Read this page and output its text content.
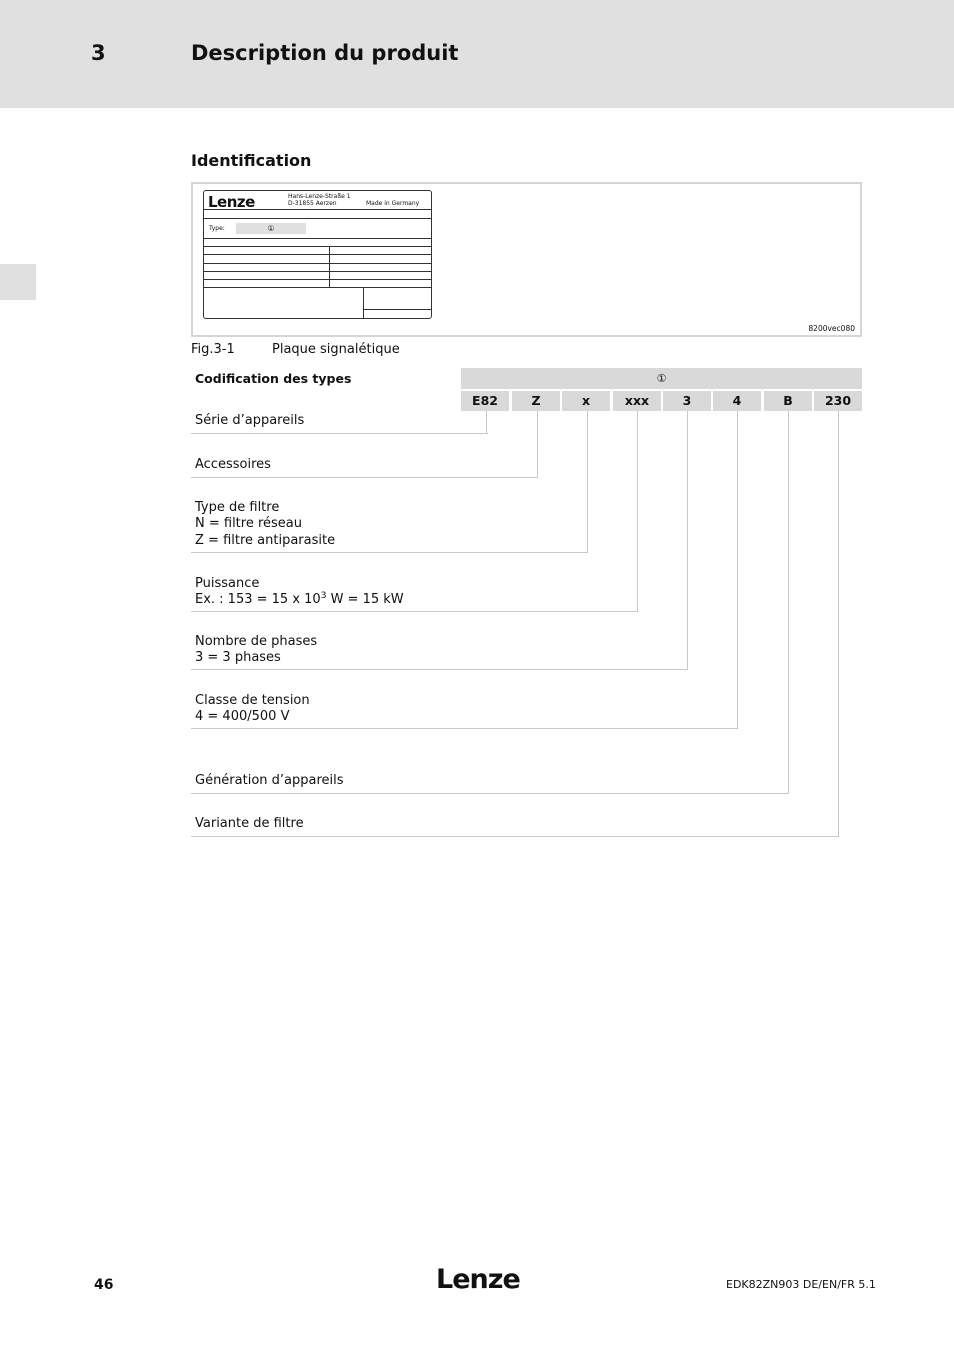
3	Description du produit
Identification
Lenze	Hans-Lenze-Straße 1
D-31855 Aerzen	Made in Germany
Type:	①
8200vec080
Fig.3-1	Plaque signalétique
Codification des types	①
E82	Z	x	xxx	3	4	B	230
Série d’appareils
Accessoires
Type de filtre
N = filtre réseau
Z = filtre antiparasite
Puissance
Ex. : 153 = 15 x $10^3$ W = 15 kW
Nombre de phases
3 = 3 phases
Classe de tension
4 = 400/500 V
Génération d’appareils
Variante de filtre
46	Lenze	EDK82ZN903 DE/EN/FR 5.1
